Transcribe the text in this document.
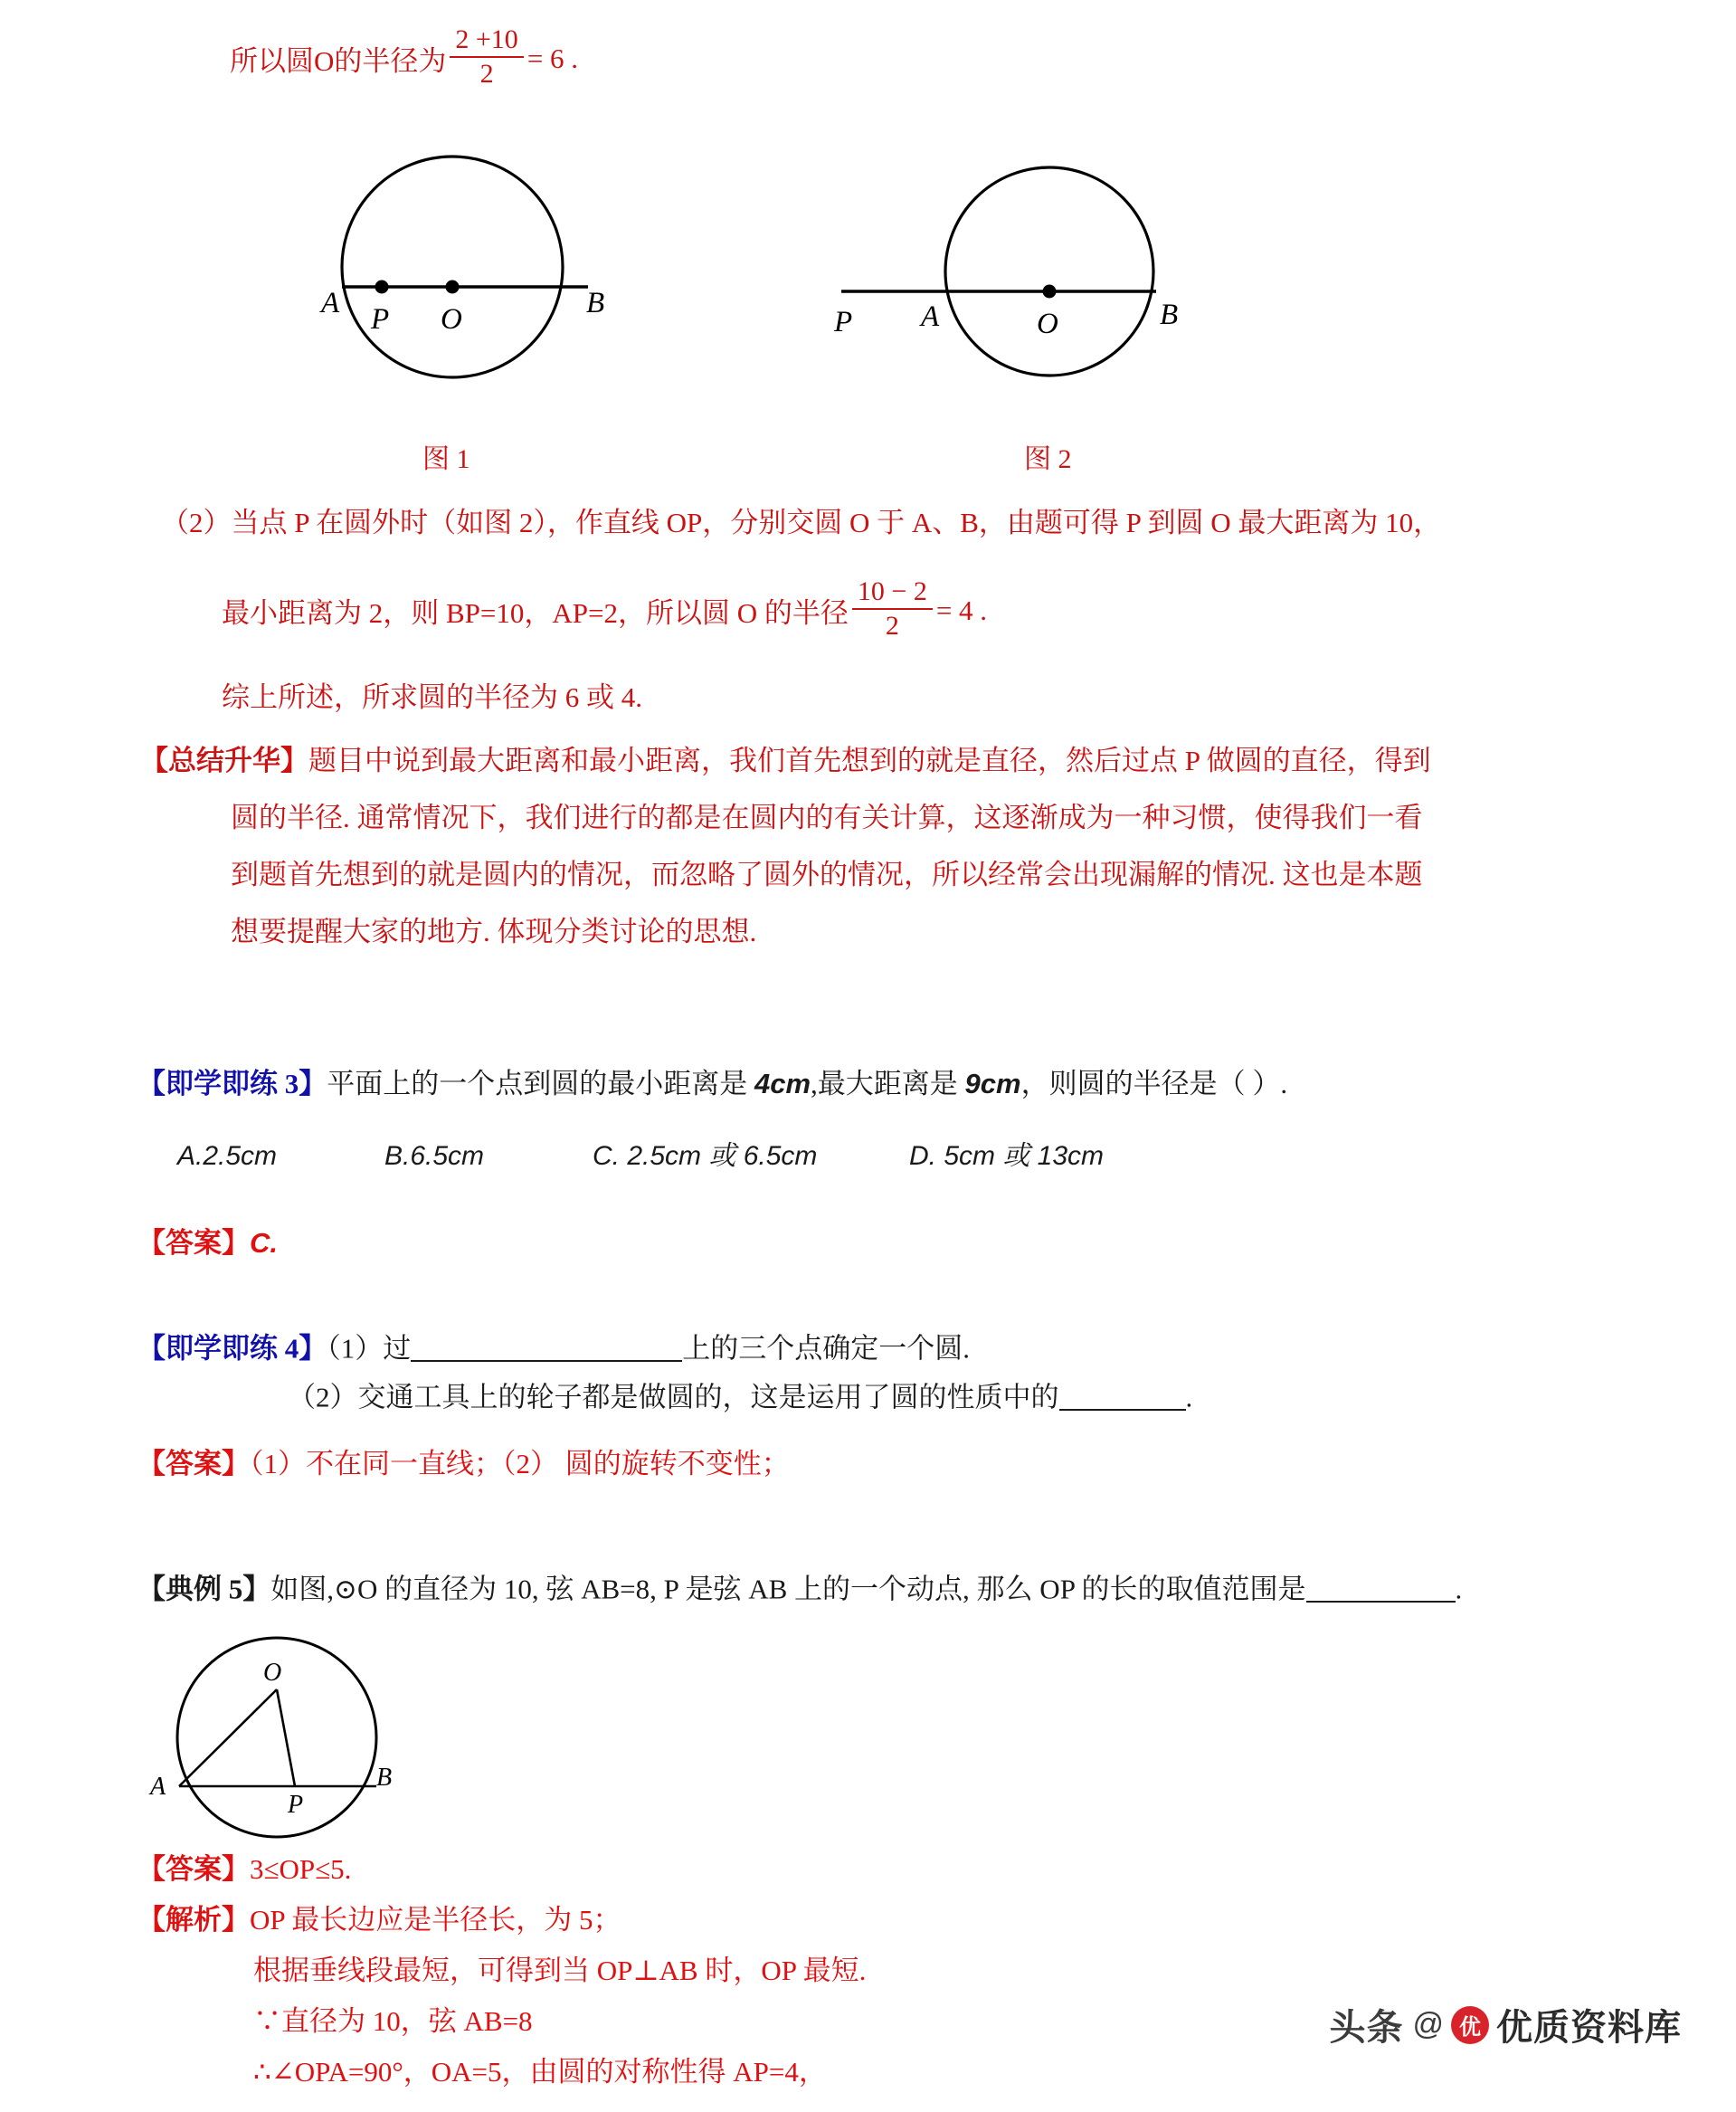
所以圆O的半径为 $\frac{2 +10}{2} = 6$ .
A P O	B
P A	O	B
图 1	图 2
（2）当点 P 在圆外时（如图 2），作直线 OP，分别交圆 O 于 A、B，由题可得 P 到圆 O 最大距离为 10，
最小距离为 2，则 BP=10，AP=2，所以圆 O 的半径 $\frac{10 - 2}{2} = 4$ .
综上所述，所求圆的半径为 6 或 4.
【总结升华】题目中说到最大距离和最小距离，我们首先想到的就是直径，然后过点 P 做圆的直径，得到
圆的半径. 通常情况下，我们进行的都是在圆内的有关计算，这逐渐成为一种习惯，使得我们一看
到题首先想到的就是圆内的情况，而忽略了圆外的情况，所以经常会出现漏解的情况. 这也是本题
想要提醒大家的地方. 体现分类讨论的思想.
【即学即练 3】平面上的一个点到圆的最小距离是 4cm,最大距离是 9cm，则圆的半径是（ ）.
A.2.5cm	B.6.5cm	C. 2.5cm 或 6.5cm	D. 5cm 或 13cm
【答案】C.
【即学即练 4】（1）过	上的三个点确定一个圆.
（2）交通工具上的轮子都是做圆的，这是运用了圆的性质中的	.
【答案】（1）不在同一直线；（2） 圆的旋转不变性；
【典例 5】如图,⊙O 的直径为 10, 弦 AB=8, P 是弦 AB 上的一个动点, 那么 OP 的长的取值范围是	.
O
A
P
B
【答案】3≤OP≤5.
【解析】OP 最长边应是半径长，为 5；
根据垂线段最短，可得到当 OP⊥AB 时，OP 最短.
∵直径为 10，弦 AB=8
∴∠OPA=90°，OA=5，由圆的对称性得 AP=4，
头条 @ 优 优质资料库
